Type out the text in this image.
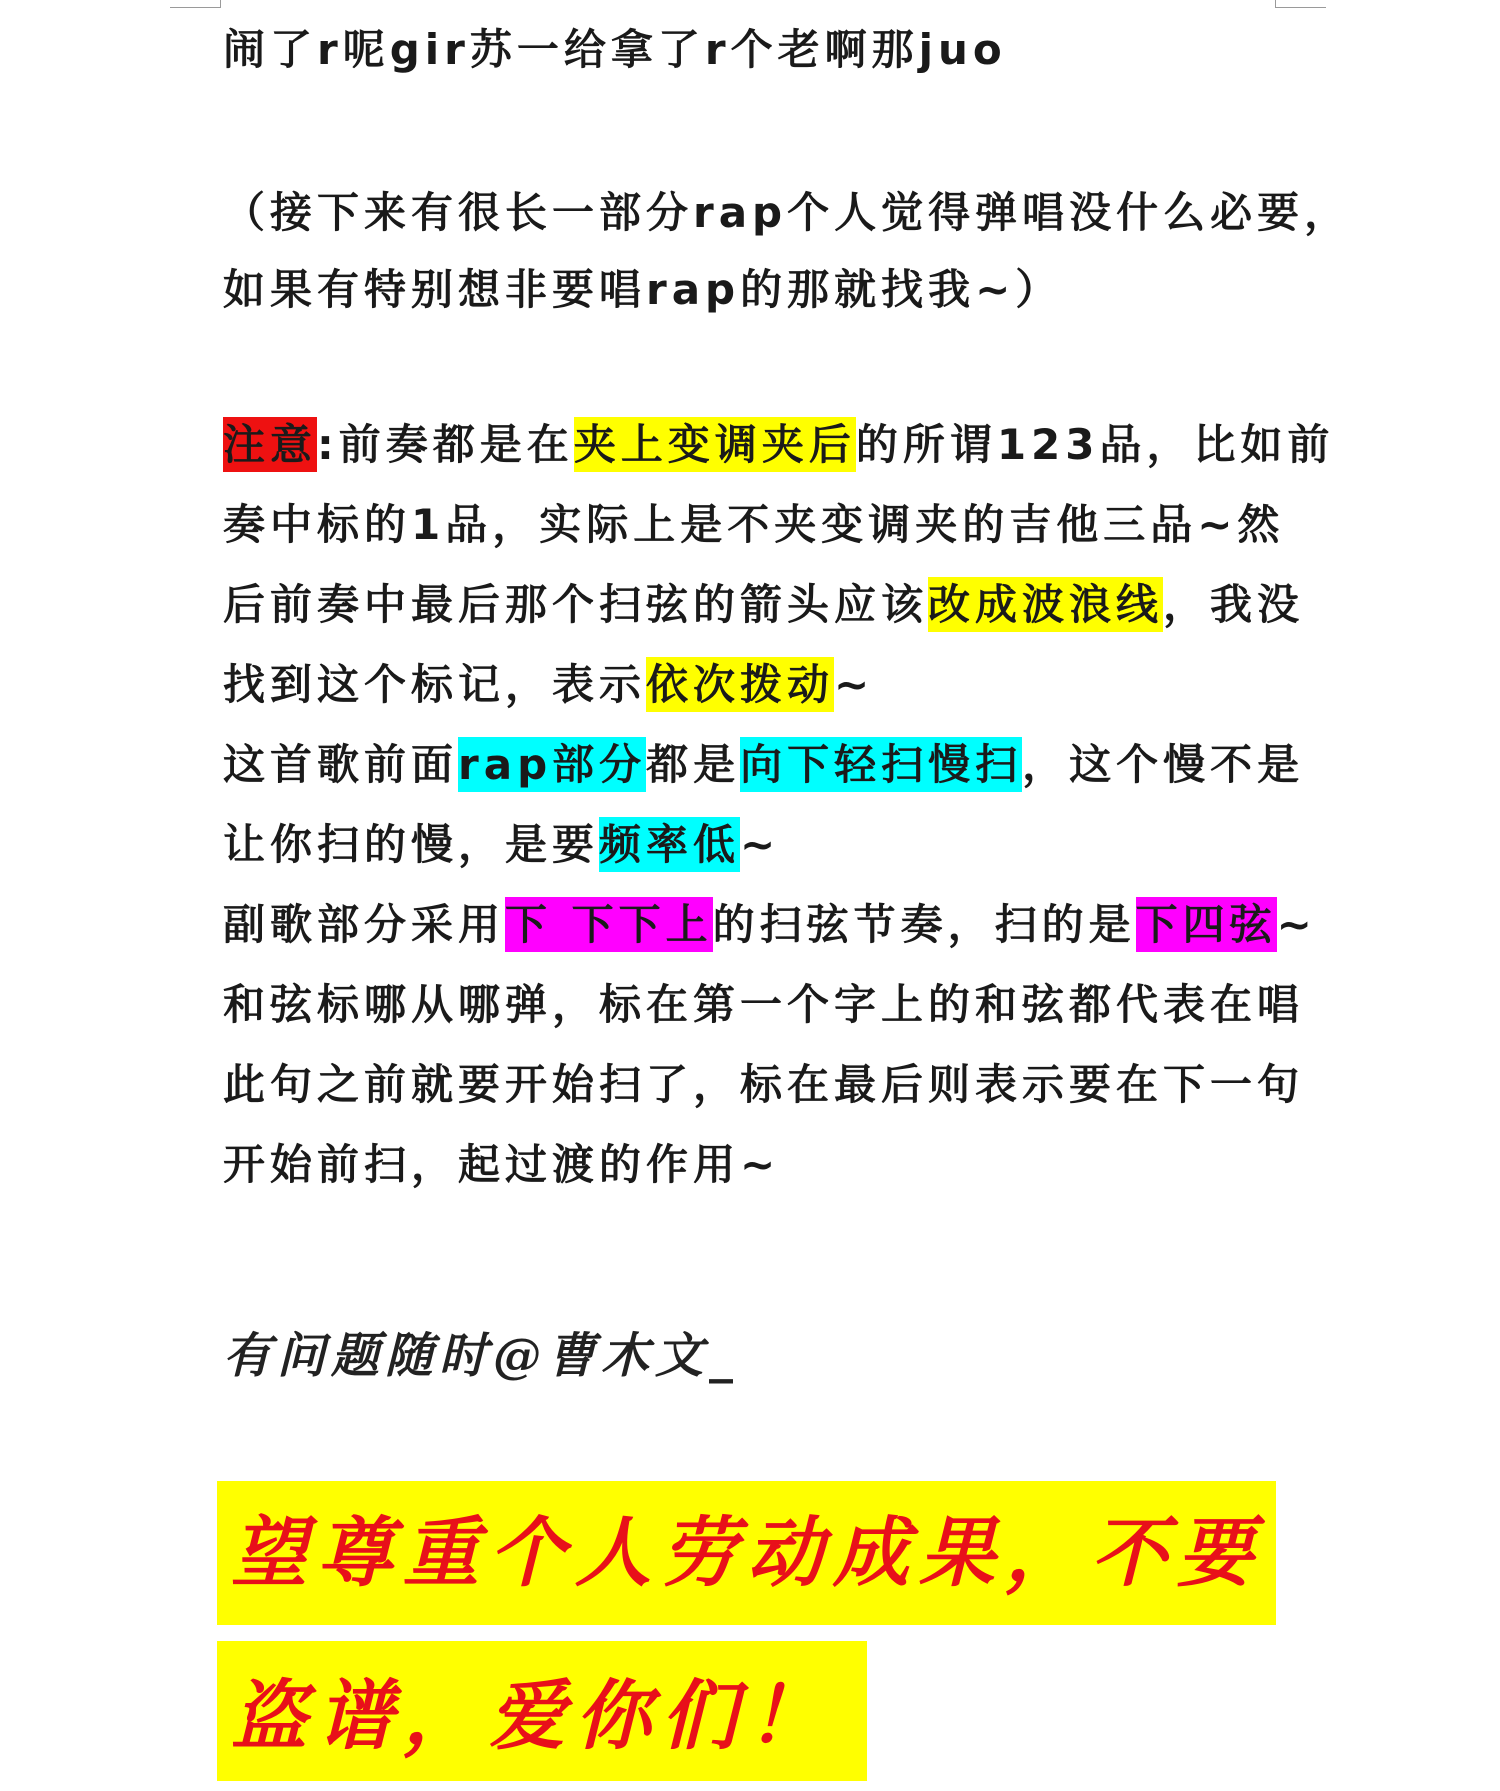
闹了r呢gir苏一给拿了r个老啊那juo

（接下来有很长一部分rap个人觉得弹唱没什么必要，

如果有特别想非要唱rap的那就找我~）

注意:前奏都是在夹上变调夹后的所谓123品，比如前

奏中标的1品，实际上是不夹变调夹的吉他三品~然

后前奏中最后那个扫弦的箭头应该改成波浪线，我没

找到这个标记，表示依次拨动~

这首歌前面rap部分都是向下轻扫慢扫，这个慢不是

让你扫的慢，是要频率低~

副歌部分采用下 下下上的扫弦节奏，扫的是下四弦~

和弦标哪从哪弹，标在第一个字上的和弦都代表在唱

此句之前就要开始扫了，标在最后则表示要在下一句

开始前扫，起过渡的作用~

有问题随时@曹木文_

望尊重个人劳动成果，不要
盗谱，爱你们！
